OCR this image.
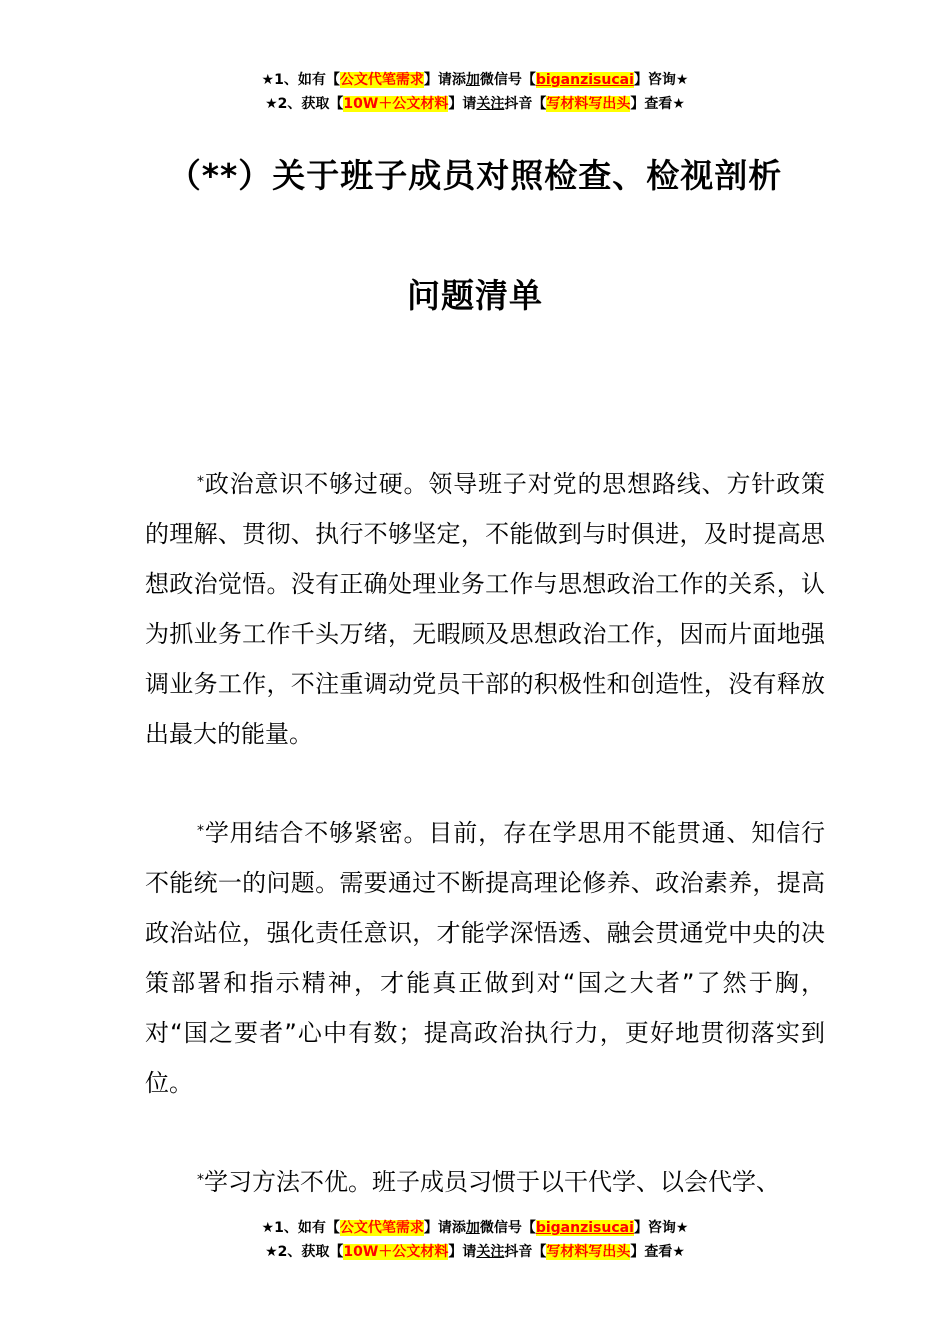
★1、如有【公文代笔需求】请添加微信号【biganzisucai】咨询★
★2、获取【10W＋公文材料】请关注抖音【写材料写出头】查看★
（**）关于班子成员对照检查、检视剖析
问题清单
*政治意识不够过硬。领导班子对党的思想路线、方针政策的理解、贯彻、执行不够坚定，不能做到与时俱进，及时提高思想政治觉悟。没有正确处理业务工作与思想政治工作的关系，认为抓业务工作千头万绪，无暇顾及思想政治工作，因而片面地强调业务工作，不注重调动党员干部的积极性和创造性，没有释放出最大的能量。
*学用结合不够紧密。目前，存在学思用不能贯通、知信行不能统一的问题。需要通过不断提高理论修养、政治素养，提高政治站位，强化责任意识，才能学深悟透、融会贯通党中央的决策部署和指示精神，才能真正做到对“国之大者”了然于胸，对“国之要者”心中有数；提高政治执行力，更好地贯彻落实到位。
*学习方法不优。班子成员习惯于以干代学、以会代学、
★1、如有【公文代笔需求】请添加微信号【biganzisucai】咨询★
★2、获取【10W＋公文材料】请关注抖音【写材料写出头】查看★
